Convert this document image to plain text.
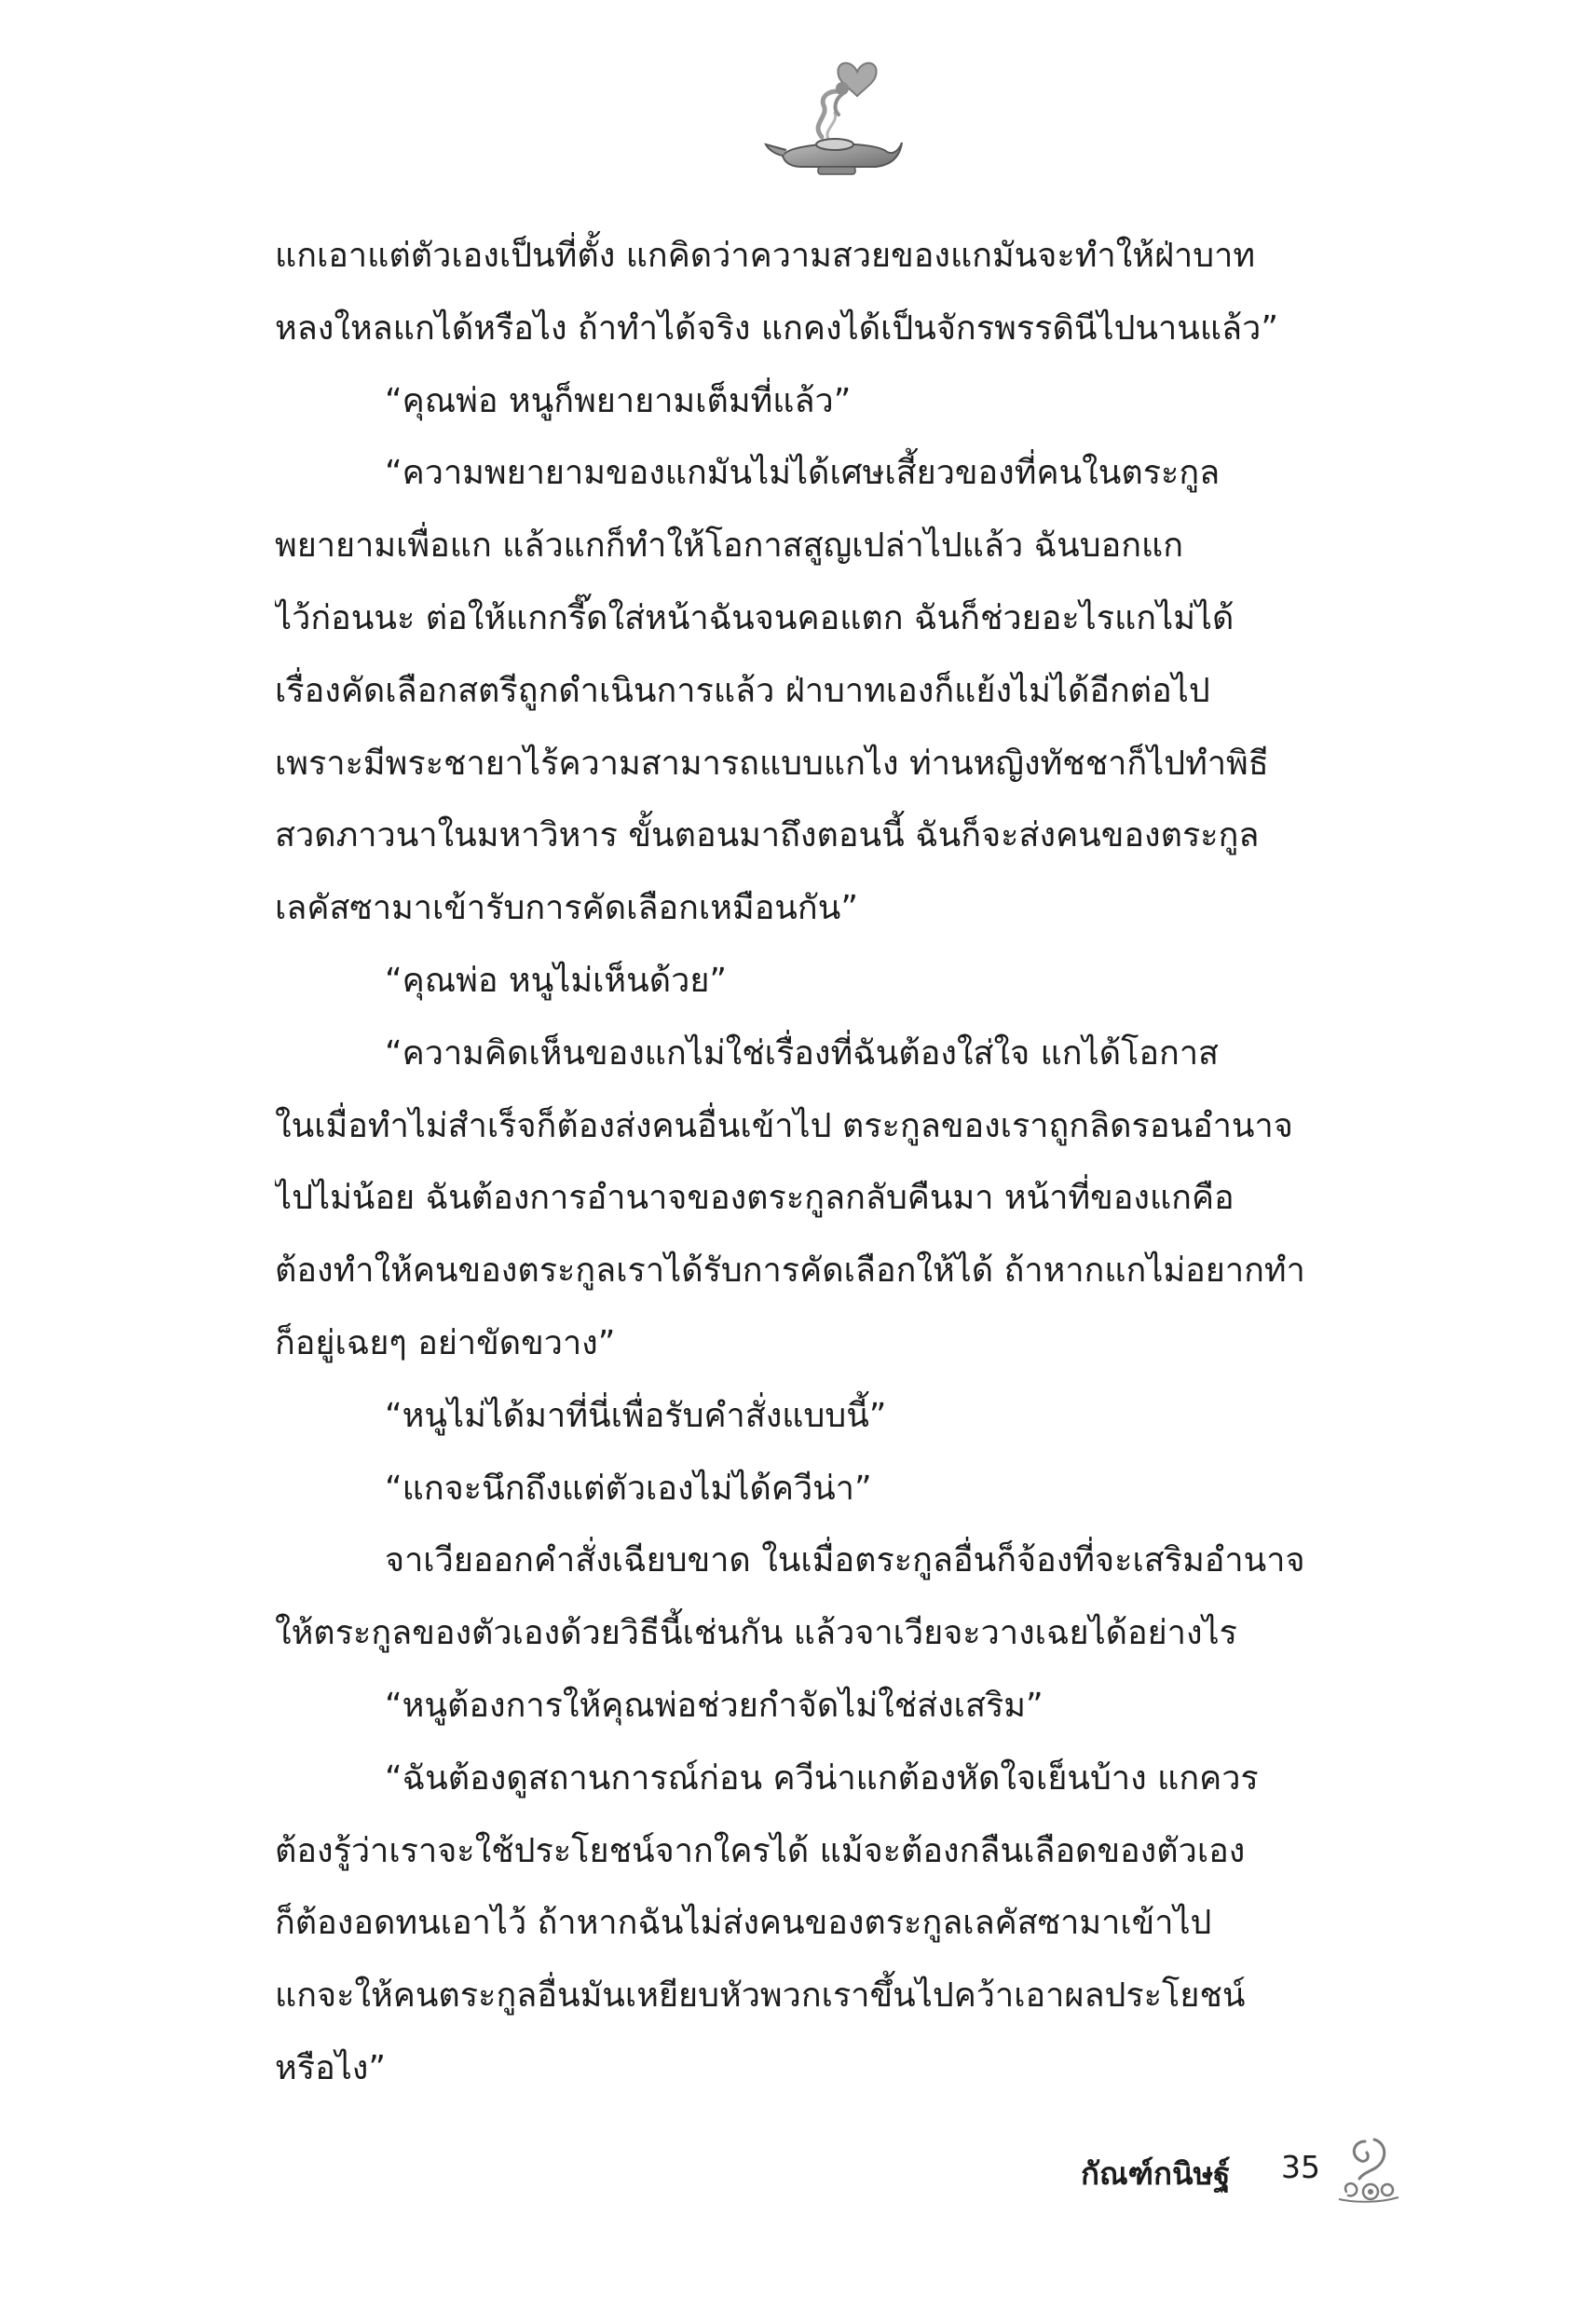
แกเอาแต่ตัวเองเป็นที่ตั้ง แกคิดว่าความสวยของแกมันจะทำให้ฝ่าบาท
หลงใหลแกได้หรือไง ถ้าทำได้จริง แกคงได้เป็นจักรพรรดินีไปนานแล้ว”
“คุณพ่อ หนูก็พยายามเต็มที่แล้ว”
“ความพยายามของแกมันไม่ได้เศษเสี้ยวของที่คนในตระกูล
พยายามเพื่อแก แล้วแกก็ทำให้โอกาสสูญเปล่าไปแล้ว ฉันบอกแก
ไว้ก่อนนะ ต่อให้แกกรี๊ดใส่หน้าฉันจนคอแตก ฉันก็ช่วยอะไรแกไม่ได้
เรื่องคัดเลือกสตรีถูกดำเนินการแล้ว ฝ่าบาทเองก็แย้งไม่ได้อีกต่อไป
เพราะมีพระชายาไร้ความสามารถแบบแกไง ท่านหญิงทัชชาก็ไปทำพิธี
สวดภาวนาในมหาวิหาร ขั้นตอนมาถึงตอนนี้ ฉันก็จะส่งคนของตระกูล
เลคัสซามาเข้ารับการคัดเลือกเหมือนกัน”
“คุณพ่อ หนูไม่เห็นด้วย”
“ความคิดเห็นของแกไม่ใช่เรื่องที่ฉันต้องใส่ใจ แกได้โอกาส
ในเมื่อทำไม่สำเร็จก็ต้องส่งคนอื่นเข้าไป ตระกูลของเราถูกลิดรอนอำนาจ
ไปไม่น้อย ฉันต้องการอำนาจของตระกูลกลับคืนมา หน้าที่ของแกคือ
ต้องทำให้คนของตระกูลเราได้รับการคัดเลือกให้ได้ ถ้าหากแกไม่อยากทำ
ก็อยู่เฉยๆ อย่าขัดขวาง”
“หนูไม่ได้มาที่นี่เพื่อรับคำสั่งแบบนี้”
“แกจะนึกถึงแต่ตัวเองไม่ได้ควีน่า”
จาเวียออกคำสั่งเฉียบขาด ในเมื่อตระกูลอื่นก็จ้องที่จะเสริมอำนาจ
ให้ตระกูลของตัวเองด้วยวิธีนี้เช่นกัน แล้วจาเวียจะวางเฉยได้อย่างไร
“หนูต้องการให้คุณพ่อช่วยกำจัดไม่ใช่ส่งเสริม”
“ฉันต้องดูสถานการณ์ก่อน ควีน่าแกต้องหัดใจเย็นบ้าง แกควร
ต้องรู้ว่าเราจะใช้ประโยชน์จากใครได้ แม้จะต้องกลืนเลือดของตัวเอง
ก็ต้องอดทนเอาไว้ ถ้าหากฉันไม่ส่งคนของตระกูลเลคัสซามาเข้าไป
แกจะให้คนตระกูลอื่นมันเหยียบหัวพวกเราขึ้นไปคว้าเอาผลประโยชน์
หรือไง”
กัณฑ์กนิษฐ์ 35
